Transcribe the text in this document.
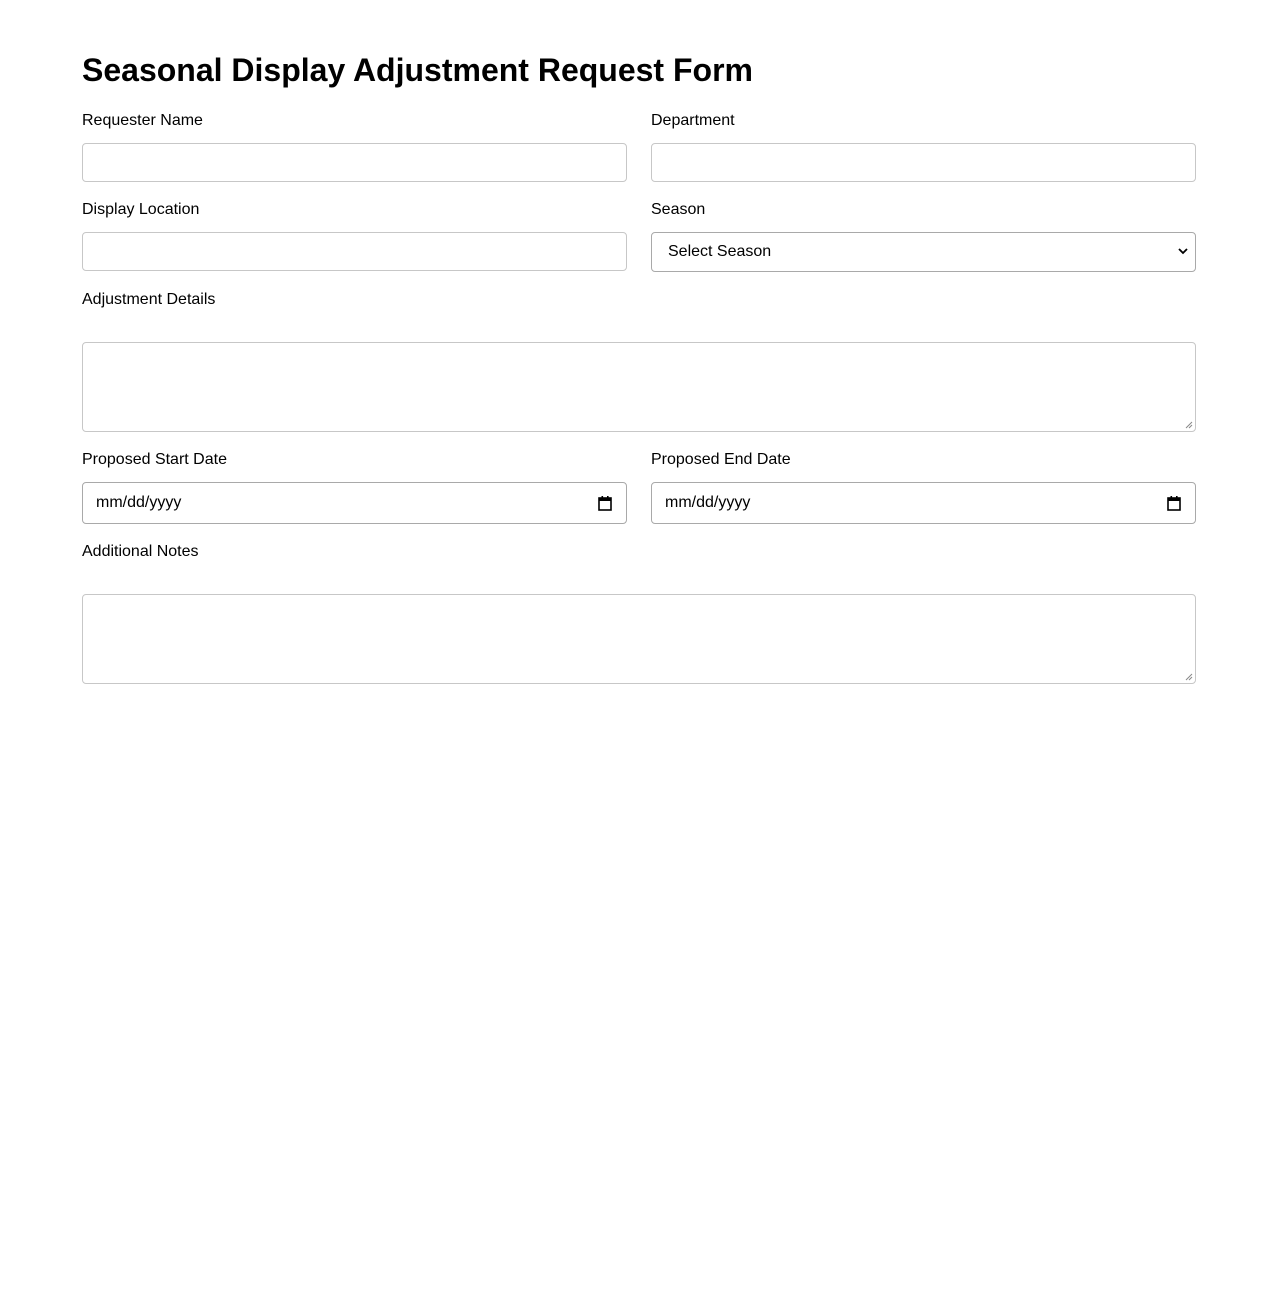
Seasonal Display Adjustment Request Form
Requester Name	Department
Display Location	Season
Select Season
Adjustment Details
Proposed Start Date
mm/dd/yyyy
Proposed End Date
mm/dd/yyyy
Additional Notes
